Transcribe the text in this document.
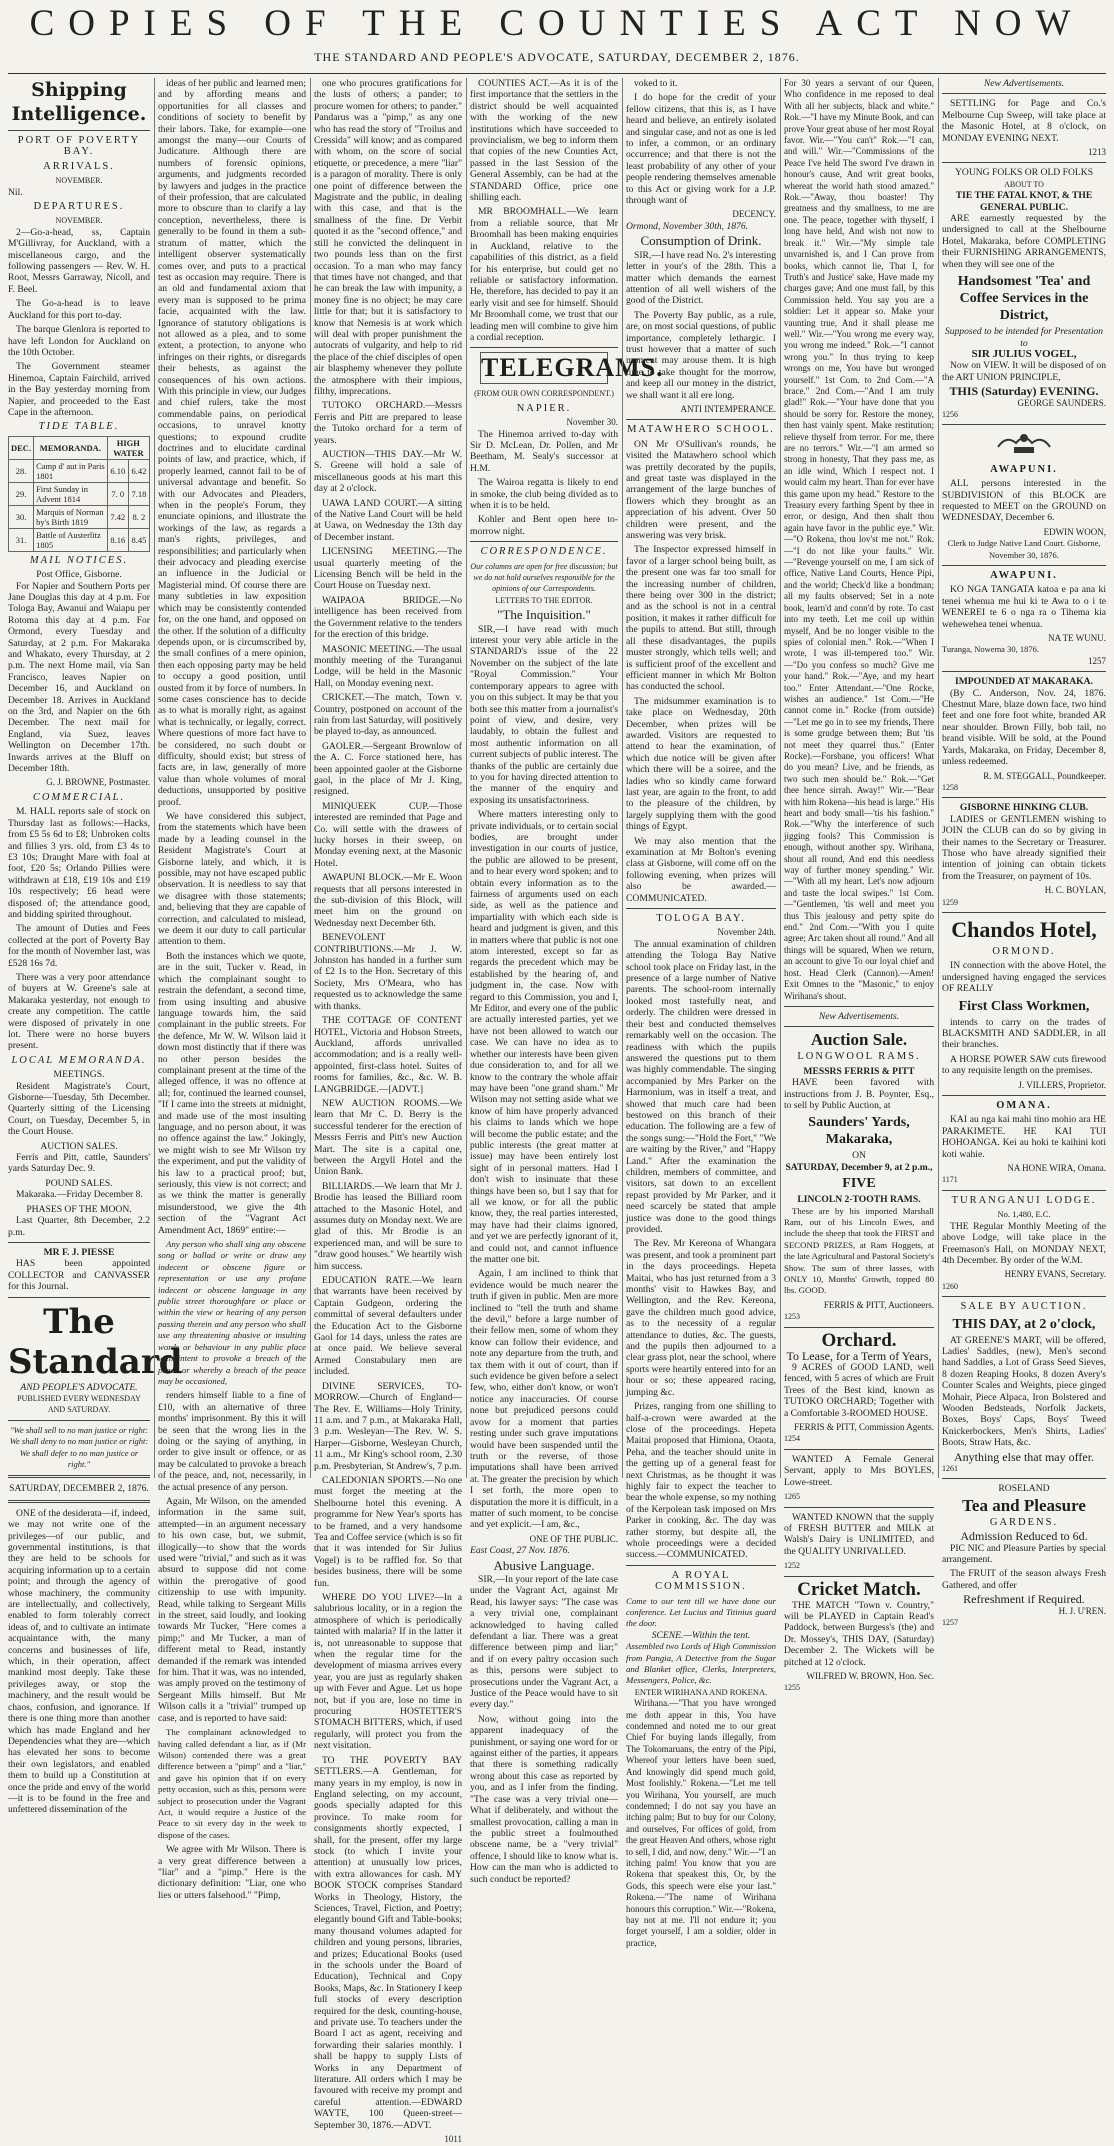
COPIES OF THE COUNTIES ACT NOW
THE STANDARD AND PEOPLE'S ADVOCATE, SATURDAY, DECEMBER 2, 1876.
Shipping Intelligence.
PORT OF POVERTY BAY.
ARRIVALS.
NOVEMBER.
Nil.
DEPARTURES.
NOVEMBER.

2—Go-a-head, ss, Captain M'Gillivray, for Auckland, with a miscellaneous cargo, and the following passengers — Rev. W. H. Root, Messrs Garraway, Nicoll, and F. Beel.

The Go-a-head is to leave Auckland for this port to-day.

The barque Glenlora is reported to have left London for Auckland on the 10th October.

The Government steamer Hinemoa, Captain Fairchild, arrived in the Bay yesterday morning from Napier, and proceeded to the East Cape in the afternoon.

TIDE TABLE.
DEC.	MEMORANDA.	HIGH WATER	
28.	Camp d' aut in Paris 1801	6.10	6.42
29.	First Sunday in Advent 1814	7. 0	7.18
30.	Marquis of Norman by's Birth 1819	7.42	8. 2
31.	Battle of Austerlitz 1805	8.16	8.45
MAIL NOTICES.
Post Office, Gisborne.

For Napier and Southern Ports per Jane Douglas this day at 4 p.m. For Tologa Bay, Awanui and Waiapu per Rotoma this day at 4 p.m. For Ormond, every Tuesday and Saturday, at 2 p.m. For Makaraka and Whakato, every Thursday, at 2 p.m. The next Home mail, via San Francisco, leaves Napier on December 16, and Auckland on December 18. Arrives in Auckland on the 3rd, and Napier on the 6th December. The next mail for England, via Suez, leaves Wellington on December 17th. Inwards arrives at the Bluff on December 18th.

G. J. BROWNE, Postmaster.
COMMERCIAL.

M. HALL reports sale of stock on Thursday last as follows:—Hacks, from £5 5s 6d to £8; Unbroken colts and fillies 3 yrs. old, from £3 4s to £3 10s; Draught Mare with foal at foot, £20 5s; Orlando Pillies were withdrawn at £18, £19 10s and £19 10s respectively; £6 head were disposed of; the attendance good, and bidding spirited throughout.

The amount of Duties and Fees collected at the port of Poverty Bay for the month of November last, was £528 16s 7d.

There was a very poor attendance of buyers at W. Greene's sale at Makaraka yesterday, not enough to create any competition. The cattle were disposed of privately in one lot. There were no horse buyers present.

LOCAL MEMORANDA.
MEETINGS.

Resident Magistrate's Court, Gisborne—Tuesday, 5th December. Quarterly sitting of the Licensing Court, on Tuesday, December 5, in the Court House.

AUCTION SALES.

Ferris and Pitt, cattle, Saunders' yards Saturday Dec. 9.

POUND SALES.

Makaraka.—Friday December 8.

PHASES OF THE MOON.

Last Quarter, 8th December, 2.2 p.m.

MR F. J. PIESSE

HAS been appointed COLLECTOR and CANVASSER for this Journal.

The Standard
AND PEOPLE'S ADVOCATE.
PUBLISHED EVERY WEDNESDAY AND SATURDAY.
"We shall sell to no man justice or right: We shall deny to no man justice or right: We shall defer to no man justice or right."
SATURDAY, DECEMBER 2, 1876.

ONE of the desiderata—if, indeed, we may not write one of the privileges—of our public, and governmental institutions, is that they are held to be schools for acquiring information up to a certain point; and through the agency of whose machinery, the community are intellectually, and collectively, enabled to form tolerably correct ideas of, and to cultivate an intimate acquaintance with, the many concerns and businesses of life, which, in their operation, affect mankind most deeply. Take these privileges away, or stop the machinery, and the result would be chaos, confusion, and ignorance. If there is one thing more than another which has made England and her Dependencies what they are—which has elevated her sons to become their own legislators, and enabled them to build up a Constitution at once the pride and envy of the world—it is to be found in the free and unfettered dissemination of the

ideas of her public and learned men; and by affording means and opportunities for all classes and conditions of society to benefit by their labors. Take, for example—one amongst the many—our Courts of Judicature. Although there are numbers of forensic opinions, arguments, and judgments recorded by lawyers and judges in the practice of their profession, that are calculated more to obscure than to clarify a lay conception, nevertheless, there is generally to be found in them a sub-stratum of matter, which the intelligent observer systematically comes over, and puts to a practical test as occasion may require. There is an old and fundamental axiom that every man is supposed to be prima facie, acquainted with the law. Ignorance of statutory obligations is not allowed as a plea, and to some extent, a protection, to anyone who infringes on their rights, or disregards their behests, as against the consequences of his own actions. With this principle in view, our Judges and chief rulers, take the most commendable pains, on periodical occasions, to unravel knotty questions; to expound crudite doctrines and to elucidate cardinal points of law, and practice, which, if properly learned, cannot fail to be of universal advantage and benefit. So with our Advocates and Pleaders, when in the people's Forum, they enunciate opinions, and illustrate the workings of the law, as regards a man's rights, privileges, and responsibilities; and particularly when their advocacy and pleading exercise an influence in the Judicial or Magisterial mind. Of course there are many subtleties in law exposition which may be consistently contended for, on the one hand, and opposed on the other. If the solution of a difficulty depends upon, or is circumscribed by, the small confines of a mere opinion, then each opposing party may be held to occupy a good position, until ousted from it by force of numbers. In some cases conscience has to decide as to what is morally right, as against what is technically, or legally, correct. Where questions of more fact have to be considered, no such doubt or difficulty, should exist; but stress of facts are, in law, generally of more value than whole volumes of moral deductions, unsupported by positive proof.

We have considered this subject, from the statements which have been made by a leading counsel in the Resident Magistrate's Court at Gisborne lately, and which, it is possible, may not have escaped public observation. It is needless to say that we disagree with those statements; and, believing that they are capable of correction, and calculated to mislead, we deem it our duty to call particular attention to them.

Both the instances which we quote, are in the suit, Tucker v. Read, in which the complainant sought to restrain the defendant, a second time, from using insulting and abusive language towards him, the said complainant in the public streets. For the defence, Mr W. W. Wilson laid it down most distinctly that if there was no other person besides the complainant present at the time of the alleged offence, it was no offence at all; for, continued the learned counsel, "If I came into the streets at midnight, and made use of the most insulting language, and no person about, it was no offence against the law." Jokingly, we might wish to see Mr Wilson try the experiment, and put the validity of his law to a practical proof; but, seriously, this view is not correct; and as we think the matter is generally misunderstood, we give the 4th section of the "Vagrant Act Amendment Act, 1869" entire:—

Any person who shall sing any obscene song or ballad or write or draw any indecent or obscene figure or representation or use any profane indecent or obscene language in any public street thoroughfare or place or within the view or hearing of any person passing therein and any person who shall use any threatening abusive or insulting words or behaviour in any public place with intent to provoke a breach of the peace or whereby a breach of the peace may be occasioned,

renders himself liable to a fine of £10, with an alternative of three months' imprisonment. By this it will be seen that the wrong lies in the doing or the saying of anything, in order to give insult or offence, or as may be calculated to provoke a breach of the peace, and, not, necessarily, in the actual presence of any person.

Again, Mr Wilson, on the amended information in the same suit, attempted—in an argument necessary to his own case, but, we submit, illogically—to show that the words used were "trivial," and such as it was absurd to suppose did not come within the prerogative of good citizenship to use with impunity. Read, while talking to Sergeant Mills in the street, said loudly, and looking towards Mr Tucker, "Here comes a pimp;" and Mr Tucker, a man of different metal to Read, instantly demanded if the remark was intended for him. That it was, was no intended, was amply proved on the testimony of Sergeant Mills himself. But Mr Wilson calls it a "trivial" trumped up case, and is reported to have said:

The complainant acknowledged to having called defendant a liar, as if (Mr Wilson) contended there was a great difference between a "pimp" and a "liar," and gave his opinion that if on every petty occasion, such as this, persons were subject to prosecution under the Vagrant Act, it would require a Justice of the Peace to sit every day in the week to dispose of the cases.

We agree with Mr Wilson. There is a very great difference between a "liar" and a "pimp." Here is the dictionary definition: "Liar, one who lies or utters falsehood." "Pimp,

one who procures gratifications for the lusts of others; a pander; to procure women for others; to pander." Pandarus was a "pimp," as any one who has read the story of "Troilus and Cressida" will know; and as compared with whom, on the score of social etiquette, or precedence, a mere "liar" is a paragon of morality. There is only one point of difference between the Magistrate and the public, in dealing with this case, and that is the smallness of the fine. Dr Verbit quoted it as the "second offence," and still he convicted the delinquent in two pounds less than on the first occasion. To a man who may fancy that times have not changed, and that he can break the law with impunity, a money fine is no object; he may care little for that; but it is satisfactory to know that Nemesis is at work which will deal with proper punishment the autocrats of vulgarity, and help to rid the place of the chief disciples of open air blasphemy whenever they pollute the atmosphere with their impious, filthy, imprecations.

TUTOKO ORCHARD.—Messrs Ferris and Pitt are prepared to lease the Tutoko orchard for a term of years.

AUCTION—THIS DAY.—Mr W. S. Greene will hold a sale of miscellaneous goods at his mart this day at 2 o'clock.

UAWA LAND COURT.—A sitting of the Native Land Court will be held at Uawa, on Wednesday the 13th day of December instant.

LICENSING MEETING.—The usual quarterly meeting of the Licensing Bench will be held in the Court House on Tuesday next.

WAIPAOA BRIDGE.—No intelligence has been received from the Government relative to the tenders for the erection of this bridge.

MASONIC MEETING.—The usual monthly meeting of the Turanganui Lodge, will be held in the Masonic Hall, on Monday evening next.

CRICKET.—The match, Town v. Country, postponed on account of the rain from last Saturday, will positively be played to-day, as announced.

GAOLER.—Sergeant Brownlow of the A. C. Force stationed here, has been appointed gaoler at the Gisborne gaol, in the place of Mr J. King, resigned.

MINIQUEEK CUP.—Those interested are reminded that Page and Co. will settle with the drawers of lucky horses in their sweep, on Monday evening next, at the Masonic Hotel.

AWAPUNI BLOCK.—Mr E. Woon requests that all persons interested in the sub-division of this Block, will meet him on the ground on Wednesday next December 6th.

BENEVOLENT CONTRIBUTIONS.—Mr J. W. Johnston has handed in a further sum of £2 1s to the Hon. Secretary of this Society, Mrs O'Meara, who has requested us to acknowledge the same with thanks.

THE COTTAGE OF CONTENT HOTEL, Victoria and Hobson Streets, Auckland, affords unrivalled accommodation; and is a really well-appointed, first-class hotel. Suites of rooms for families, &c., &c. W. B. LANGBRIDGE.—[ADVT.]

NEW AUCTION ROOMS.—We learn that Mr C. D. Berry is the successful tenderer for the erection of Messrs Ferris and Pitt's new Auction Mart. The site is a capital one, between the Argyll Hotel and the Union Bank.

BILLIARDS.—We learn that Mr J. Brodie has leased the Billiard room attached to the Masonic Hotel, and assumes duty on Monday next. We are glad of this. Mr Brodie is an experienced man, and will be sure to "draw good houses." We heartily wish him success.

EDUCATION RATE.—We learn that warrants have been received by Captain Gudgeon, ordering the committal of several defaulters under the Education Act to the Gisborne Gaol for 14 days, unless the rates are at once paid. We believe several Armed Constabulary men are included.

DIVINE SERVICES, TO-MORROW.—Church of England—The Rev. E. Williams—Holy Trinity, 11 a.m. and 7 p.m., at Makaraka Hall, 3 p.m. Wesleyan—The Rev. W. S. Harper—Gisborne, Wesleyan Church, 11 a.m., Mr King's school room, 2.30 p.m. Presbyterian, St Andrew's, 7 p.m.

CALEDONIAN SPORTS.—No one must forget the meeting at the Shelbourne hotel this evening. A programme for New Year's sports has to be framed, and a very handsome Tea and Coffee service (which is so fit that it was intended for Sir Julius Vogel) is to be raffled for. So that besides business, there will be some fun.

WHERE DO YOU LIVE?—In a salubrious locality, or in a region the atmosphere of which is periodically tainted with malaria? If in the latter it is, not unreasonable to suppose that when the regular time for the development of miasma arrives every year, you are just as regularly shaken up with Fever and Ague. Let us hope not, but if you are, lose no time in procuring HOSTETTER'S STOMACH BITTERS, which, if used regularly, will protect you from the next visitation.

TO THE POVERTY BAY SETTLERS.—A Gentleman, for many years in my employ, is now in England selecting, on my account, goods specially adapted for this province. To make room for consignments shortly expected, I shall, for the present, offer my large stock (to which I invite your attention) at unusually low prices, with extra allowances for cash. MY BOOK STOCK comprises Standard Works in Theology, History, the Sciences, Travel, Fiction, and Poetry; elegantly bound Gift and Table-books; many thousand volumes adapted for children and young persons, libraries, and prizes; Educational Books (used in the schools under the Board of Education), Technical and Copy Books, Maps, &c. In Stationery I keep full stocks of every description required for the desk, counting-house, and private use. To teachers under the Board I act as agent, receiving and forwarding their salaries monthly. I shall be happy to supply Lists of Works in any Department of literature. All orders which I may be favoured with receive my prompt and careful attention.—EDWARD WAYTE, 100 Queen-street—September 30, 1876.—ADVT.

1011

COUNTIES ACT.—As it is of the first importance that the settlers in the district should be well acquainted with the working of the new institutions which have succeeded to provincialism, we beg to inform them that copies of the new Counties Act, passed in the last Session of the General Assembly, can be had at the STANDARD Office, price one shilling each.

MR BROOMHALL.—We learn from a reliable source, that Mr Broomhall has been making enquiries in Auckland, relative to the capabilities of this district, as a field for his enterprise, but could get no reliable or satisfactory information. He, therefore, has decided to pay it an early visit and see for himself. Should Mr Broomhall come, we trust that our leading men will combine to give him a cordial reception.

TELEGRAMS.
(FROM OUR OWN CORRESPONDENT.)
NAPIER.
November 30.

The Hinemoa arrived to-day with Sir D. McLean, Dr. Pollen, and Mr Beetham, M. Sealy's successor at H.M.

The Wairoa regatta is likely to end in smoke, the club being divided as to when it is to be held.

Kohler and Bent open here to-morrow night.

CORRESPONDENCE.
Our columns are open for free discussion; but we do not hold ourselves responsible for the opinions of our Correspondents.
LETTERS TO THE EDITOR.
"The Inquisition."

SIR,—I have read with much interest your very able article in the STANDARD's issue of the 22 November on the subject of the late "Royal Commission." Your contemporary appears to agree with you on this subject. It may be that you both see this matter from a journalist's point of view, and desire, very laudably, to obtain the fullest and most authentic information on all current subjects of public interest. The thanks of the public are certainly due to you for having directed attention to the manner of the enquiry and exposing its unsatisfactoriness.

Where matters interesting only to private individuals, or to certain social bodies, are brought under investigation in our courts of justice, the public are allowed to be present, and to hear every word spoken; and to obtain every information as to the fairness of arguments used on each side, as well as the patience and impartiality with which each side is heard and judgment is given, and this in matters where that public is not one atom interested, except so far as regards the precedent which may be established by the hearing of, and judgment in, the case. Now with regard to this Commission, you and I, Mr Editor, and every one of the public are actually interested parties, yet we have not been allowed to watch our case. We can have no idea as to whether our interests have been given due consideration to, and for all we know to the contrary the whole affair may have been "one grand sham." Mr Wilson may not setting aside what we know of him have properly advanced his claims to lands which we hope will become the public estate; and the public interests (the great matter at issue) may have been entirely lost sight of in personal matters. Had I don't wish to insinuate that these things have been so, but I say that for all we know, or for all the public know, they, the real parties interested, may have had their claims ignored, and yet we are perfectly ignorant of it, and could not, and cannot influence the matter one bit.

Again, I am inclined to think that evidence would be much nearer the truth if given in public. Men are more inclined to "tell the truth and shame the devil," before a large number of their fellow men, some of whom they know can follow their evidence, and note any departure from the truth, and tax them with it out of court, than if such evidence be given before a select few, who, either don't know, or won't notice any inaccuracies. Of course none but prejudiced persons could avow for a moment that parties resting under such grave imputations would have been suspended until the truth or the reverse, of those imputations shall have been arrived at. The greater the precision by which I set forth, the more open to disputation the more it is difficult, in a matter of such moment, to be concise and yet explicit.—I am, &c.,

ONE OF THE PUBLIC.
East Coast, 27 Nov. 1876.
Abusive Language.

SIR,—In your report of the late case under the Vagrant Act, against Mr Read, his lawyer says: "The case was a very trivial one, complainant acknowledged to having called defendant a liar. There was a great difference between pimp and liar;" and if on every paltry occasion such as this, persons were subject to prosecutions under the Vagrant Act, a Justice of the Peace would have to sit every day."

Now, without going into the apparent inadequacy of the punishment, or saying one word for or against either of the parties, it appears that there is something radically wrong about this case as reported by you, and as I infer from the finding. "The case was a very trivial one—What if deliberately, and without the smallest provocation, calling a man in the public street a foulmouthed obscene name, be a "very trivial" offence, I should like to know what is. How can the man who is addicted to such conduct be reported?

voked to it.

I do hope for the credit of your fellow citizens, that this is, as I have heard and believe, an entirely isolated and singular case, and not as one is led to infer, a common, or an ordinary occurrence; and that there is not the least probability of any other of your people rendering themselves amenable to this Act or giving work for a J.P. through want of

DECENCY.
Ormond, November 30th, 1876.
Consumption of Drink.

SIR,—I have read No. 2's interesting letter in your's of the 28th. This a matter which demands the earnest attention of all well wishers of the good of the District.

The Poverty Bay public, as a rule, are, on most social questions, of public importance, completely lethargic. I trust however that a matter of such moment may arouse them. It is high time to take thought for the morrow, and keep all our money in the district, we shall want it all ere long.

ANTI INTEMPERANCE.
MATAWHERO SCHOOL.

ON Mr O'Sullivan's rounds, he visited the Matawhero school which was prettily decorated by the pupils, and great taste was displayed in the arrangement of the large bunches of flowers which they brought as an appreciation of his advent. Over 50 children were present, and the answering was very brisk.

The Inspector expressed himself in favor of a larger school being built, as the present one was far too small for the increasing number of children, there being over 300 in the district; and as the school is not in a central position, it makes it rather difficult for the pupils to attend. But still, through all these disadvantages, the pupils muster strongly, which tells well; and is sufficient proof of the excellent and efficient manner in which Mr Bolton has conducted the school.

The midsummer examination is to take place on Wednesday, 20th December, when prizes will be awarded. Visitors are requested to attend to hear the examination, of which due notice will be given after which there will be a soiree, and the ladies who so kindly came forward last year, are again to the front, to add to the pleasure of the children, by largely supplying them with the good things of Egypt.

We may also mention that the examination at Mr Bolton's evening class at Gisborne, will come off on the following evening, when prizes will also be awarded.—COMMUNICATED.

TOLOGA BAY.
November 24th.

The annual examination of children attending the Tologa Bay Native school took place on Friday last, in the presence of a large number of Native parents. The school-room internally looked most tastefully neat, and orderly. The children were dressed in their best and conducted themselves remarkably well on the occasion. The readiness with which the pupils answered the questions put to them was highly commendable. The singing accompanied by Mrs Parker on the Harmonium, was in itself a treat, and showed that much care had been bestowed on this branch of their education. The following are a few of the songs sung:—"Hold the Fort," "We are waiting by the River," and "Happy Land." After the examination the children, members of committee, and visitors, sat down to an excellent repast provided by Mr Parker, and it need scarcely be stated that ample justice was done to the good things provided.

The Rev. Mr Kereona of Whangara was present, and took a prominent part in the days proceedings. Hepeta Maitai, who has just returned from a 3 months' visit to Hawkes Bay, and Wellington, and the Rev. Kereona, gave the children much good advice, as to the necessity of a regular attendance to duties, &c. The guests, and the pupils then adjourned to a clear grass plot, near the school, where sports were heartily entered into for an hour or so; these appeared racing, jumping &c.

Prizes, ranging from one shilling to half-a-crown were awarded at the close of the proceedings. Hepeta Maitai proposed that Himiona, Otaota, Peha, and the teacher should unite in the getting up of a general feast for next Christmas, as he thought it was highly fair to expect the teacher to bear the whole expense, so my nothing of the Kerpolean task imposed on Mrs Parker in cooking, &c. The day was rather stormy, but despite all, the whole proceedings were a decided success.—COMMUNICATED.

A ROYAL COMMISSION.
Come to our tent till we have done our conference. Let Lucius and Titinius guard the door.
SCENE.—Within the tent.
Assembled two Lords of High Commission from Pangia, A Detective from the Sugar and Blanket office, Clerks, Interpreters, Messengers, Police, &c.
ENTER WIRIHANA AND ROKENA.

Wirihana.—"That you have wronged me doth appear in this, You have condemned and noted me to our great Chief For buying lands illegally, from The Tokomaruans, the entry of the Pipi, Whereof your letters have been sued, And knowingly did spend much gold, Most foolishly." Rokena.—"Let me tell you Wirihana, You yourself, are much condemned; I do not say you have an itching palm; But to buy for our Colony, and ourselves, For offices of gold, from the great Heaven And others, whose right to sell, I did, and now, deny." Wir.—"I an itching palm! You know that you are Rokena that speakest this, Or, by the Gods, this speech were else your last." Rokena.—"The name of Wirihana honours this corruption." Wir.—"Rokena, bay not at me. I'll not endure it; you forget yourself, I am a soldier, older in practice,

For 30 years a servant of our Queen, Who confidence in me reposed to deal With all her subjects, black and white." Rok.—"I have my Minute Book, and can prove Your great abuse of her most Royal favor. Wir.—"You can't" Rok.—"I can, and will." Wir.—"Commissions of the Peace I've held The sword I've drawn in honour's cause, And writ great books, whereat the world hath stood amazed." Rok.—"Away, thou boaster! Thy greatness and thy smallness, to me are one. The peace, together with thyself, I long have held, And wish not now to break it." Wir.—"My simple tale unvarnished is, and I Can prove from books, which cannot lie, That I, for Truth's and Justice' sake, Have made my charges gave; And one must fall, by this Commission held. You say you are a soldier: Let it appear so. Make your vaunting true, And it shall please me well." Wir.—"You wrong me every way, you wrong me indeed." Rok.—"I cannot wrong you." In thus trying to keep wrongs on me, You have but wronged yourself." 1st Com. to 2nd Com.—"A brace." 2nd Com.—"And I am truly glad!" Rok.—"Your have done that you should be sorry for. Restore the money, then hast vainly spent. Make restitution; relieve thyself from terror. For me, there are no terrors." Wir.—"I am armed so strong in honesty, That they pass me, as an idle wind, Which I respect not. I would calm my heart. Than for ever have this game upon my head." Restore to the Treasury every farthing Spent by thee in error, or design, And then shalt thou again have favor in the public eye." Wir.—"O Rokena, thou lov'st me not." Rok.—"I do not like your faults." Wir.—"Revenge yourself on me, I am sick of office, Native Land Courts, Hence Pipi, and the world; Check'd like a bondman; all my faults observed; Set in a note book, learn'd and conn'd by rote. To cast into my teeth. Let me coil up within myself, And be no longer visible to the spies of colonial men." Rok.—"When I wrote, I was ill-tempered too." Wir.—"Do you confess so much? Give me your hand." Rok.—"Aye, and my heart too." Enter Attendant.—"One Rocke, wishes an audience." 1st Com.—"He cannot come in." Rocke (from outside)—"Let me go in to see my friends, There is some grudge between them; But 'tis not meet they quarrel thus." (Enter Rocke).—Forsbane, you officers! What do you mean? Live, and be friends, as two such men should be." Rok.—"Get thee hence sirrah. Away!" Wir.—"Bear with him Rokena—his head is large." His heart and body small—'tis his fashion." Rok.—"Why the interference of such jigging fools? This Commission is enough, without another spy. Wirihana, shout all round, And end this needless way of further money spending." Wir.—"With all my heart. Let's now adjourn and taste the local swipes." 1st Com.—"Gentlemen, 'tis well and meet you thus This jealousy and petty spite do end." 2nd Com.—"With you I quite agree; Arc taken shout all round." And all things will be squared, When we return, an account to give To our loyal chief and host. Head Clerk (Cannon).—Amen! Exit Omnes to the "Masonic," to enjoy Wirihana's shout.

New Advertisements.
Auction Sale.
LONGWOOL RAMS.
MESSRS FERRIS & PITT

HAVE been favored with instructions from J. B. Poynter, Esq., to sell by Public Auction, at

Saunders' Yards, Makaraka,
ON
SATURDAY, December 9, at 2 p.m.,
FIVE
LINCOLN 2-TOOTH RAMS.

These are by his imported Marshall Ram, out of his Lincoln Ewes, and include the sheep that took the FIRST and SECOND PRIZES, at Ram Hoggets, at the late Agricultural and Pastoral Society's Show. The sum of three lasses, with ONLY 10, Months' Growth, topped 80 lbs. GOOD.

FERRIS & PITT, Auctioneers.
1253
Orchard.
To Lease, for a Term of Years,

9 ACRES of GOOD LAND, well fenced, with 5 acres of which are Fruit Trees of the Best kind, known as TUTOKO ORCHARD; Together with a Comfortable 3-ROOMED HOUSE.

FERRIS & PITT, Commission Agents.
1254

WANTED A Female General Servant, apply to Mrs BOYLES, Lowe-street.

1265

WANTED KNOWN that the supply of FRESH BUTTER and MILK at Walsh's Dairy is UNLIMITED, and the QUALITY UNRIVALLED.

1252
Cricket Match.

THE MATCH "Town v. Country," will be PLAYED in Captain Read's Paddock, between Burgess's (the) and Dr. Mossey's, THIS DAY, (Saturday) December 2. The Wickets will be pitched at 12 o'clock.

WILFRED W. BROWN, Hon. Sec.
1255
New Advertisements.

SETTLING for Page and Co.'s Melbourne Cup Sweep, will take place at the Masonic Hotel, at 8 o'clock, on MONDAY EVENING NEXT.

1213
YOUNG FOLKS OR OLD FOLKS
ABOUT TO
TIE THE FATAL KNOT, & THE GENERAL PUBLIC.

ARE earnestly requested by the undersigned to call at the Shelbourne Hotel, Makaraka, before COMPLETING their FURNISHING ARRANGEMENTS, when they will see one of the

Handsomest 'Tea' and Coffee Services in the District,
Supposed to be intended for Presentation to
SIR JULIUS VOGEL,

Now on VIEW. It will be disposed of on the ART UNION PRINCIPLE,

THIS (Saturday) EVENING.
GEORGE SAUNDERS.
1256
AWAPUNI.

ALL persons interested in the SUBDIVISION of this BLOCK are requested to MEET on the GROUND on WEDNESDAY, December 6.

EDWIN WOON,
Clerk to Judge Native Land Court. Gisborne, November 30, 1876.
AWAPUNI.

KO NGA TANGATA katoa e pa ana ki tenei whenua me hui ki te Awa to o i te WENEREI te 6 o nga ra o Tihema kia wehewehea tenei whenua.

NA TE WUNU.
Turanga, Nowema 30, 1876.
1257
IMPOUNDED AT MAKARAKA.

(By C. Anderson, Nov. 24, 1876. Chestnut Mare, blaze down face, two hind feet and one fore foot white, branded AR near shoulder. Brown Filly, bob tail, no brand visible. Will be sold, at the Pound Yards, Makaraka, on Friday, December 8, unless redeemed.

R. M. STEGGALL, Poundkeeper.
1258
GISBORNE HINKING CLUB.

LADIES or GENTLEMEN wishing to JOIN the CLUB can do so by giving in their names to the Secretary or Treasurer. Those who have already signified their intention of joining can obtain tickets from the Treasurer, on payment of 10s.

H. C. BOYLAN,
1259
Chandos Hotel,
ORMOND.

IN connection with the above Hotel, the undersigned having engaged the services OF REALLY

First Class Workmen,

intends to carry on the trades of BLACKSMITH AND SADDLER, in all their branches.

A HORSE POWER SAW cuts firewood to any requisite length on the premises.

J. VILLERS, Proprietor.
OMANA.

KAI au nga kai mahi tino mohio ara HE PARAKIMETE. HE KAI TUI HOHOANGA. Kei au hoki te kaihini koti koti wahie.

NA HONE WIRA, Omana.
1171
TURANGANUI LODGE.
No. 1,480, E.C.

THE Regular Monthly Meeting of the above Lodge, will take place in the Freemason's Hall, on MONDAY NEXT, 4th December. By order of the W.M.

HENRY EVANS, Secretary.
1260
SALE BY AUCTION.
THIS DAY, at 2 o'clock,

AT GREENE'S MART, will be offered, Ladies' Saddles, (new), Men's second hand Saddles, a Lot of Grass Seed Sieves, 8 dozen Reaping Hooks, 8 dozen Avery's Counter Scales and Weights, piece ginged Mohair, Piece Alpaca, Iron Bolstered and Wooden Bedsteads, Norfolk Jackets, Boxes, Boys' Caps, Boys' Tweed Knickerbockers, Men's Shirts, Ladies' Boots, Straw Hats, &c.

Anything else that may offer.
1261
ROSELAND
Tea and Pleasure
GARDENS.
Admission Reduced to 6d.

PIC NIC and Pleasure Parties by special arrangement.

The FRUIT of the season always Fresh Gathered, and offer

Refreshment if Required.
H. J. U'REN.
1257
